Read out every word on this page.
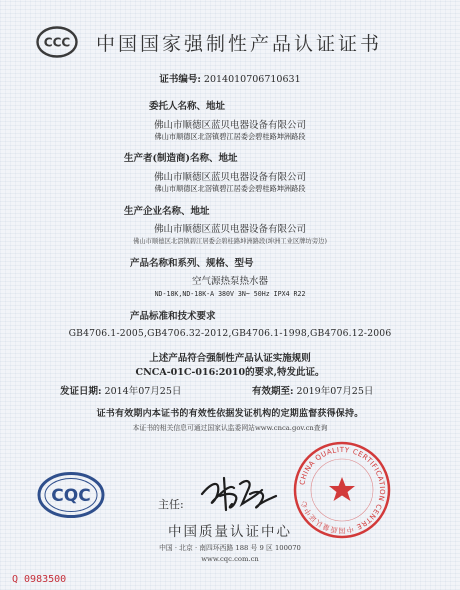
CCC 中国国家强制性产品认证证书
证书编号: 2014010706710631
委托人名称、地址
佛山市顺德区蓝贝电器设备有限公司
佛山市顺德区北滘镇碧江居委会碧桂路坤洲路段
生产者(制造商)名称、地址
佛山市顺德区蓝贝电器设备有限公司
佛山市顺德区北滘镇碧江居委会碧桂路坤洲路段
生产企业名称、地址
佛山市顺德区蓝贝电器设备有限公司
佛山市顺德区北滘镇碧江居委会碧桂路坤洲路段(坤洲工业区牌坊旁边)
产品名称和系列、规格、型号
空气源热泵热水器
ND-18K,ND-18K-A 380V 3N~ 50Hz IPX4 R22
产品标准和技术要求
GB4706.1-2005,GB4706.32-2012,GB4706.1-1998,GB4706.12-2006
上述产品符合强制性产品认证实施规则
CNCA-01C-016:2010的要求,特发此证。
发证日期: 2014年07月25日	有效期至: 2019年07月25日
证书有效期内本证书的有效性依据发证机构的定期监督获得保持。
本证书的相关信息可通过国家认监委网站www.cnca.gov.cn查询
CQC	主任:
CHINA QUALITY CERTIFICATION CENTRE 中国质量认证中心
中国质量认证中心
中国 · 北京 · 南四环西路 188 号 9 区 100070
www.cqc.com.cn
Q 0983500
